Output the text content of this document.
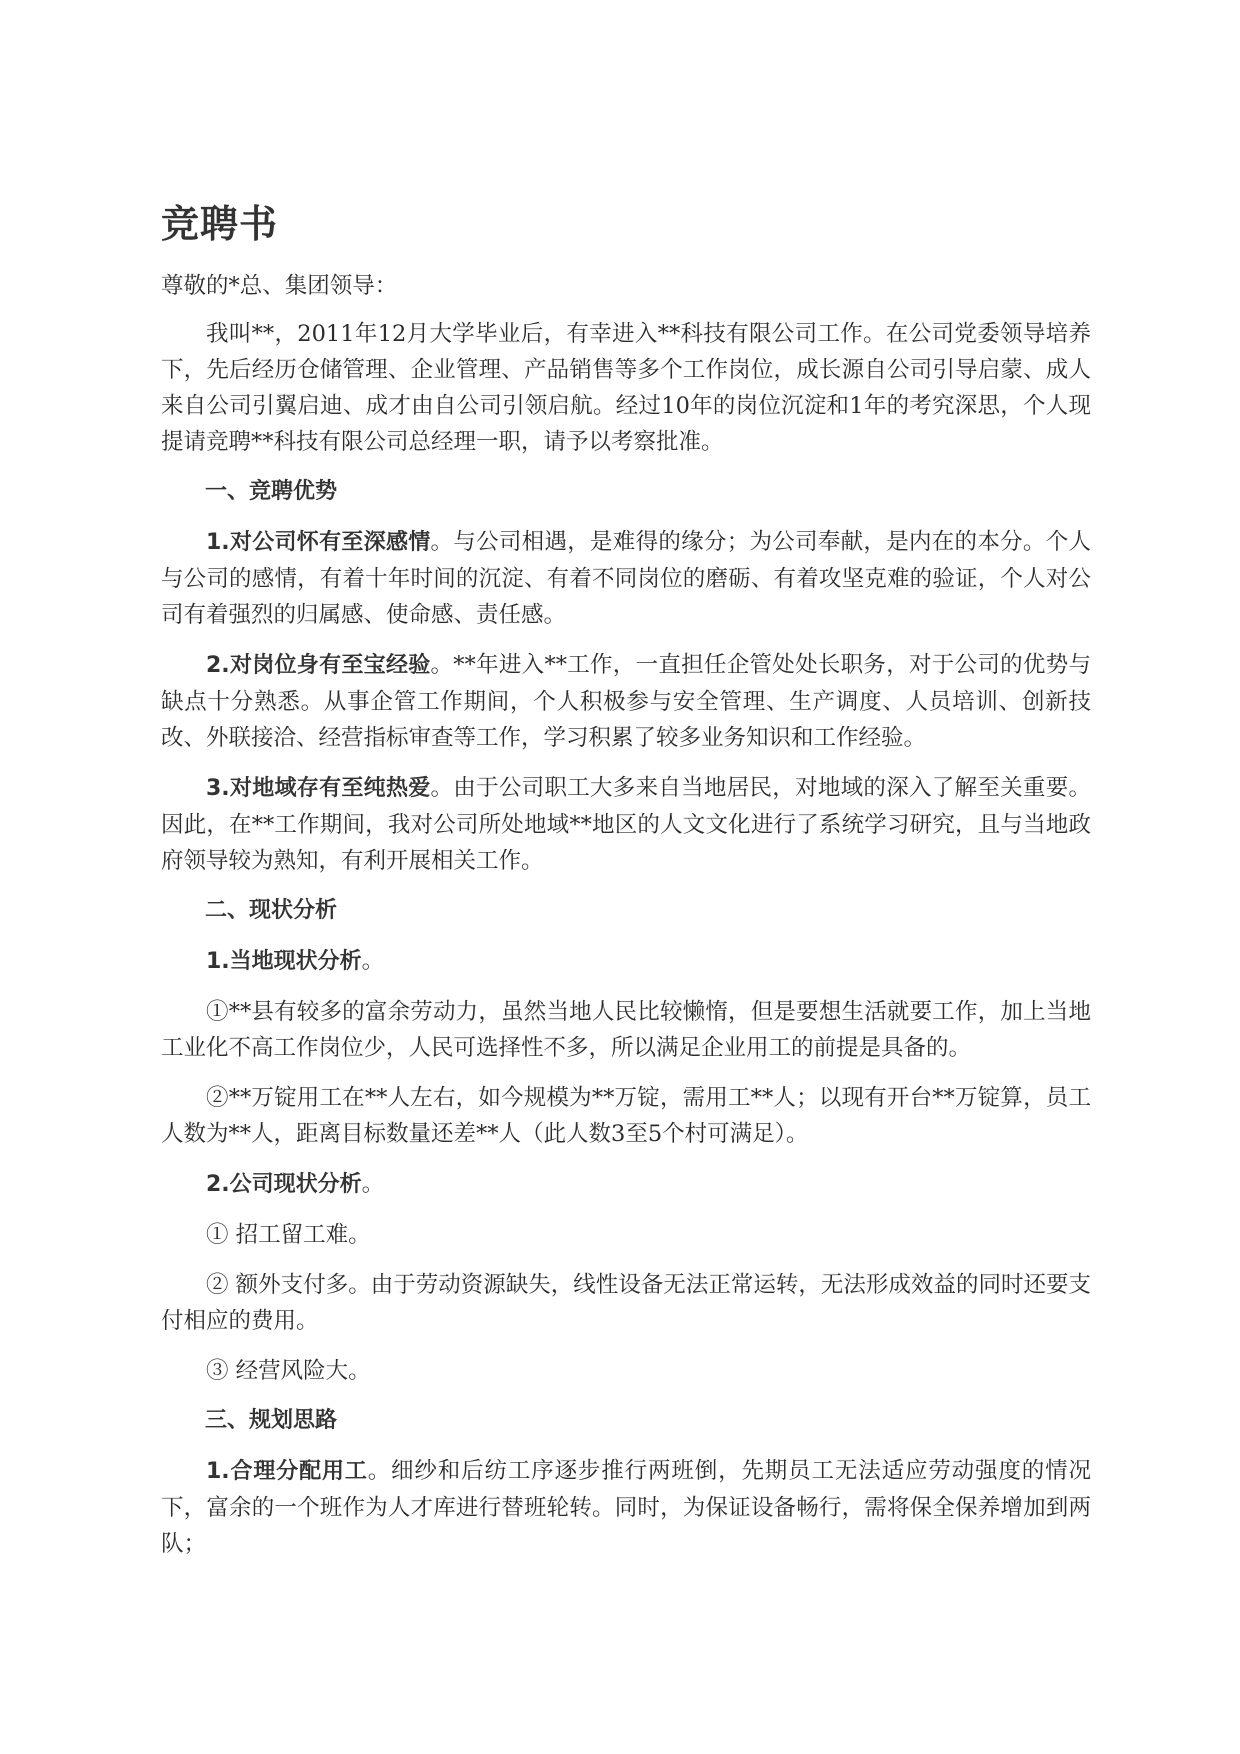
竞聘书
尊敬的*总、集团领导：

我叫**，2011年12月大学毕业后，有幸进入**科技有限公司工作。在公司党委领导培养下，先后经历仓储管理、企业管理、产品销售等多个工作岗位，成长源自公司引导启蒙、成人来自公司引翼启迪、成才由自公司引领启航。经过10年的岗位沉淀和1年的考究深思，个人现提请竞聘**科技有限公司总经理一职，请予以考察批准。

一、竞聘优势

1.对公司怀有至深感情。与公司相遇，是难得的缘分；为公司奉献，是内在的本分。个人与公司的感情，有着十年时间的沉淀、有着不同岗位的磨砺、有着攻坚克难的验证，个人对公司有着强烈的归属感、使命感、责任感。

2.对岗位身有至宝经验。**年进入**工作，一直担任企管处处长职务，对于公司的优势与缺点十分熟悉。从事企管工作期间，个人积极参与安全管理、生产调度、人员培训、创新技改、外联接洽、经营指标审查等工作，学习积累了较多业务知识和工作经验。

3.对地域存有至纯热爱。由于公司职工大多来自当地居民，对地域的深入了解至关重要。因此，在**工作期间，我对公司所处地域**地区的人文文化进行了系统学习研究，且与当地政府领导较为熟知，有利开展相关工作。

二、现状分析

1.当地现状分析。

①**县有较多的富余劳动力，虽然当地人民比较懒惰，但是要想生活就要工作，加上当地工业化不高工作岗位少，人民可选择性不多，所以满足企业用工的前提是具备的。

②**万锭用工在**人左右，如今规模为**万锭，需用工**人；以现有开台**万锭算，员工人数为**人，距离目标数量还差**人（此人数3至5个村可满足）。

2.公司现状分析。

① 招工留工难。

② 额外支付多。由于劳动资源缺失，线性设备无法正常运转，无法形成效益的同时还要支付相应的费用。

③ 经营风险大。

三、规划思路

1.合理分配用工。细纱和后纺工序逐步推行两班倒，先期员工无法适应劳动强度的情况下，富余的一个班作为人才库进行替班轮转。同时，为保证设备畅行，需将保全保养增加到两队；
